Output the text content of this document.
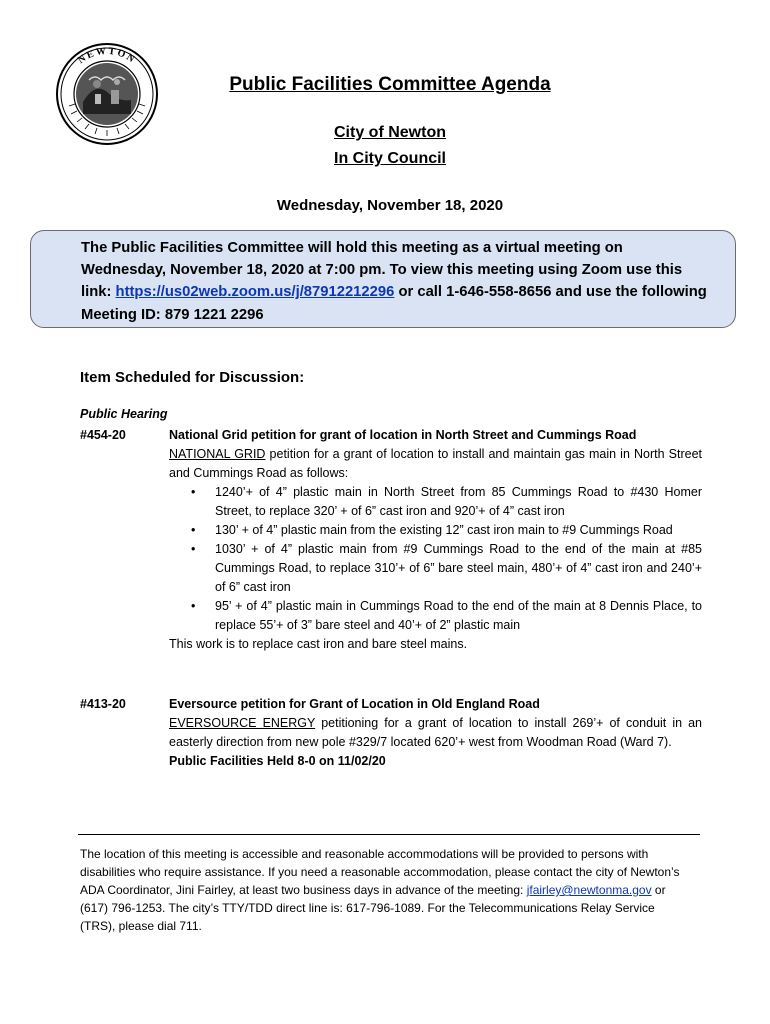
NEWTON
Public Facilities Committee Agenda
City of Newton
In City Council
Wednesday, November 18, 2020
The Public Facilities Committee will hold this meeting as a virtual meeting on Wednesday, November 18, 2020 at 7:00 pm. To view this meeting using Zoom use this link: https://us02web.zoom.us/j/87912212296 or call 1-646-558-8656 and use the following Meeting ID: 879 1221 2296
Item Scheduled for Discussion:
Public Hearing
#454-20	National Grid petition for grant of location in North Street and Cummings Road
NATIONAL GRID petition for a grant of location to install and maintain gas main in North Street and Cummings Road as follows:
• 1240’+ of 4” plastic main in North Street from 85 Cummings Road to #430 Homer Street, to replace 320’ + of 6” cast iron and 920’+ of 4” cast iron
• 130’ + of 4” plastic main from the existing 12” cast iron main to #9 Cummings Road
• 1030’ + of 4” plastic main from #9 Cummings Road to the end of the main at #85 Cummings Road, to replace 310’+ of 6” bare steel main, 480’+ of 4” cast iron and 240’+ of 6” cast iron
• 95’ + of 4” plastic main in Cummings Road to the end of the main at 8 Dennis Place, to replace 55’+ of 3” bare steel and 40’+ of 2” plastic main
This work is to replace cast iron and bare steel mains.
#413-20	Eversource petition for Grant of Location in Old England Road
EVERSOURCE ENERGY petitioning for a grant of location to install 269’+ of conduit in an easterly direction from new pole #329/7 located 620’+ west from Woodman Road (Ward 7).
Public Facilities Held 8-0 on 11/02/20
The location of this meeting is accessible and reasonable accommodations will be provided to persons with disabilities who require assistance. If you need a reasonable accommodation, please contact the city of Newton’s ADA Coordinator, Jini Fairley, at least two business days in advance of the meeting: jfairley@newtonma.gov or (617) 796-1253. The city’s TTY/TDD direct line is: 617-796-1089. For the Telecommunications Relay Service (TRS), please dial 711.
